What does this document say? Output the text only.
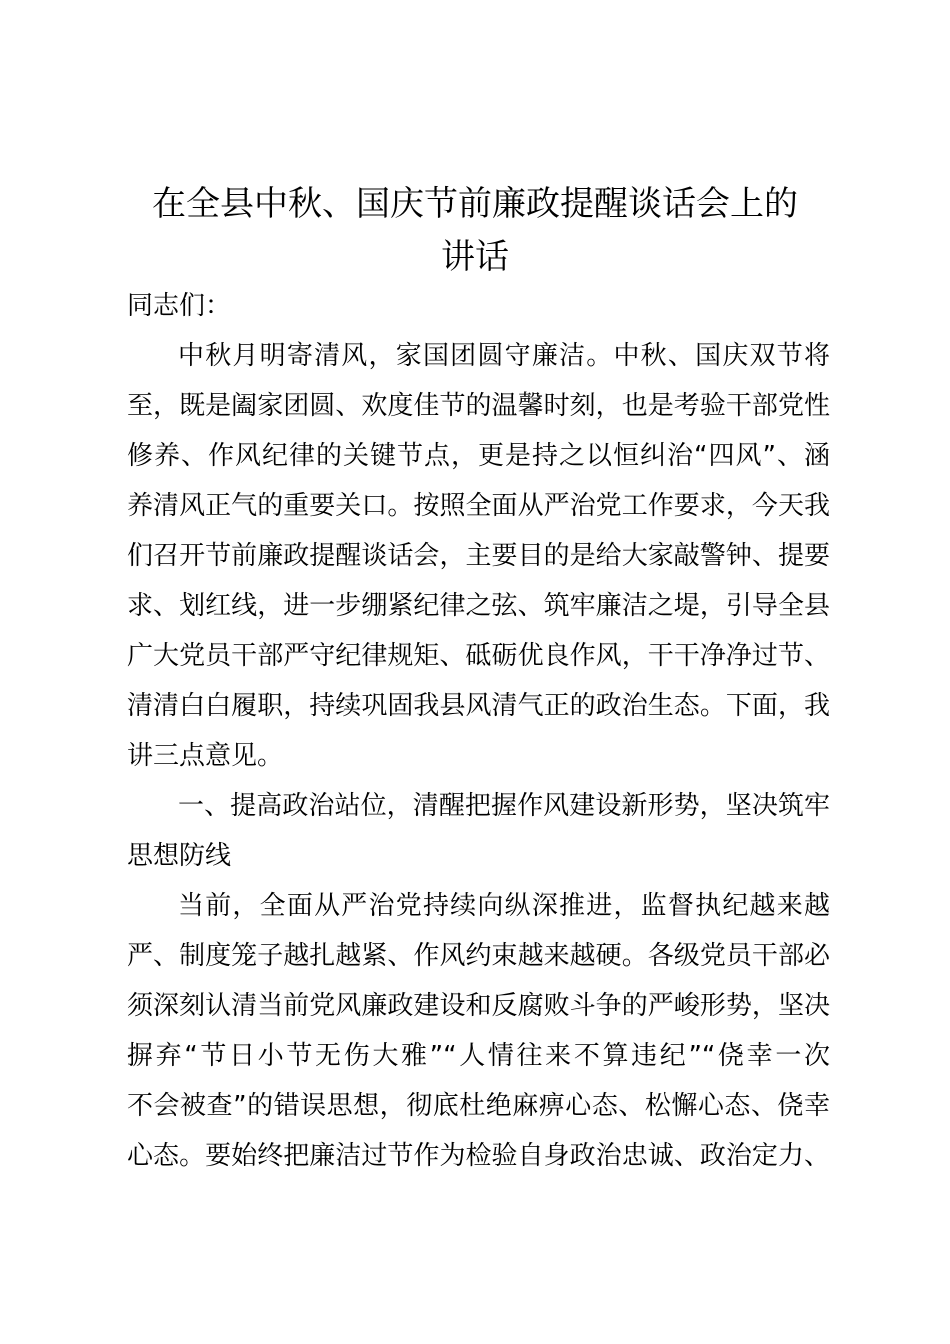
在全县中秋、国庆节前廉政提醒谈话会上的
讲话
同志们：
中秋月明寄清风，家国团圆守廉洁。中秋、国庆双节将
至，既是阖家团圆、欢度佳节的温馨时刻，也是考验干部党性
修养、作风纪律的关键节点，更是持之以恒纠治“四风”、涵
养清风正气的重要关口。按照全面从严治党工作要求，今天我
们召开节前廉政提醒谈话会，主要目的是给大家敲警钟、提要
求、划红线，进一步绷紧纪律之弦、筑牢廉洁之堤，引导全县
广大党员干部严守纪律规矩、砥砺优良作风，干干净净过节、
清清白白履职，持续巩固我县风清气正的政治生态。下面，我
讲三点意见。
一、提高政治站位，清醒把握作风建设新形势，坚决筑牢
思想防线
当前，全面从严治党持续向纵深推进，监督执纪越来越
严、制度笼子越扎越紧、作风约束越来越硬。各级党员干部必
须深刻认清当前党风廉政建设和反腐败斗争的严峻形势，坚决
摒弃“节日小节无伤大雅”“人情往来不算违纪”“侥幸一次
不会被查”的错误思想，彻底杜绝麻痹心态、松懈心态、侥幸
心态。要始终把廉洁过节作为检验自身政治忠诚、政治定力、
